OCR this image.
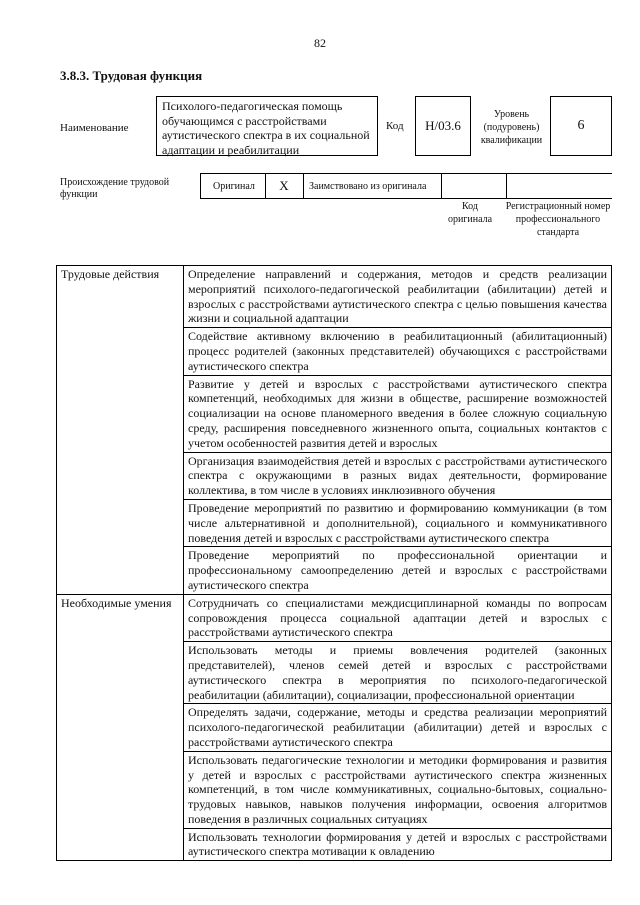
82
3.8.3. Трудовая функция
Наименование
Психолого-педагогическая помощь обучающимся с расстройствами аутистического спектра в их социальной адаптации и реабилитации
Код	Н/03.6
Уровень (подуровень) квалификации
6
Происхождение трудовой функции
Оригинал	X	Заимствовано из оригинала
Код оригинала
Регистрационный номер профессионального стандарта
Трудовые действия	Определение направлений и содержания, методов и средств реализации мероприятий психолого-педагогической реабилитации (абилитации) детей и взрослых с расстройствами аутистического спектра с целью повышения качества жизни и социальной адаптации
	Содействие активному включению в реабилитационный (абилитационный) процесс родителей (законных представителей) обучающихся с расстройствами аутистического спектра
	Развитие у детей и взрослых с расстройствами аутистического спектра компетенций, необходимых для жизни в обществе, расширение возможностей социализации на основе планомерного введения в более сложную социальную среду, расширения повседневного жизненного опыта, социальных контактов с учетом особенностей развития детей и взрослых
	Организация взаимодействия детей и взрослых с расстройствами аутистического спектра с окружающими в разных видах деятельности, формирование коллектива, в том числе в условиях инклюзивного обучения
	Проведение мероприятий по развитию и формированию коммуникации (в том числе альтернативной и дополнительной), социального и коммуникативного поведения детей и взрослых с расстройствами аутистического спектра
	Проведение мероприятий по профессиональной ориентации и профессиональному самоопределению детей и взрослых с расстройствами аутистического спектра
Необходимые умения	Сотрудничать со специалистами междисциплинарной команды по вопросам сопровождения процесса социальной адаптации детей и взрослых с расстройствами аутистического спектра
	Использовать методы и приемы вовлечения родителей (законных представителей), членов семей детей и взрослых с расстройствами аутистического спектра в мероприятия по психолого-педагогической реабилитации (абилитации), социализации, профессиональной ориентации
	Определять задачи, содержание, методы и средства реализации мероприятий психолого-педагогической реабилитации (абилитации) детей и взрослых с расстройствами аутистического спектра
	Использовать педагогические технологии и методики формирования и развития у детей и взрослых с расстройствами аутистического спектра жизненных компетенций, в том числе коммуникативных, социально-бытовых, социально-трудовых навыков, навыков получения информации, освоения алгоритмов поведения в различных социальных ситуациях
	Использовать технологии формирования у детей и взрослых с расстройствами аутистического спектра мотивации к овладению
